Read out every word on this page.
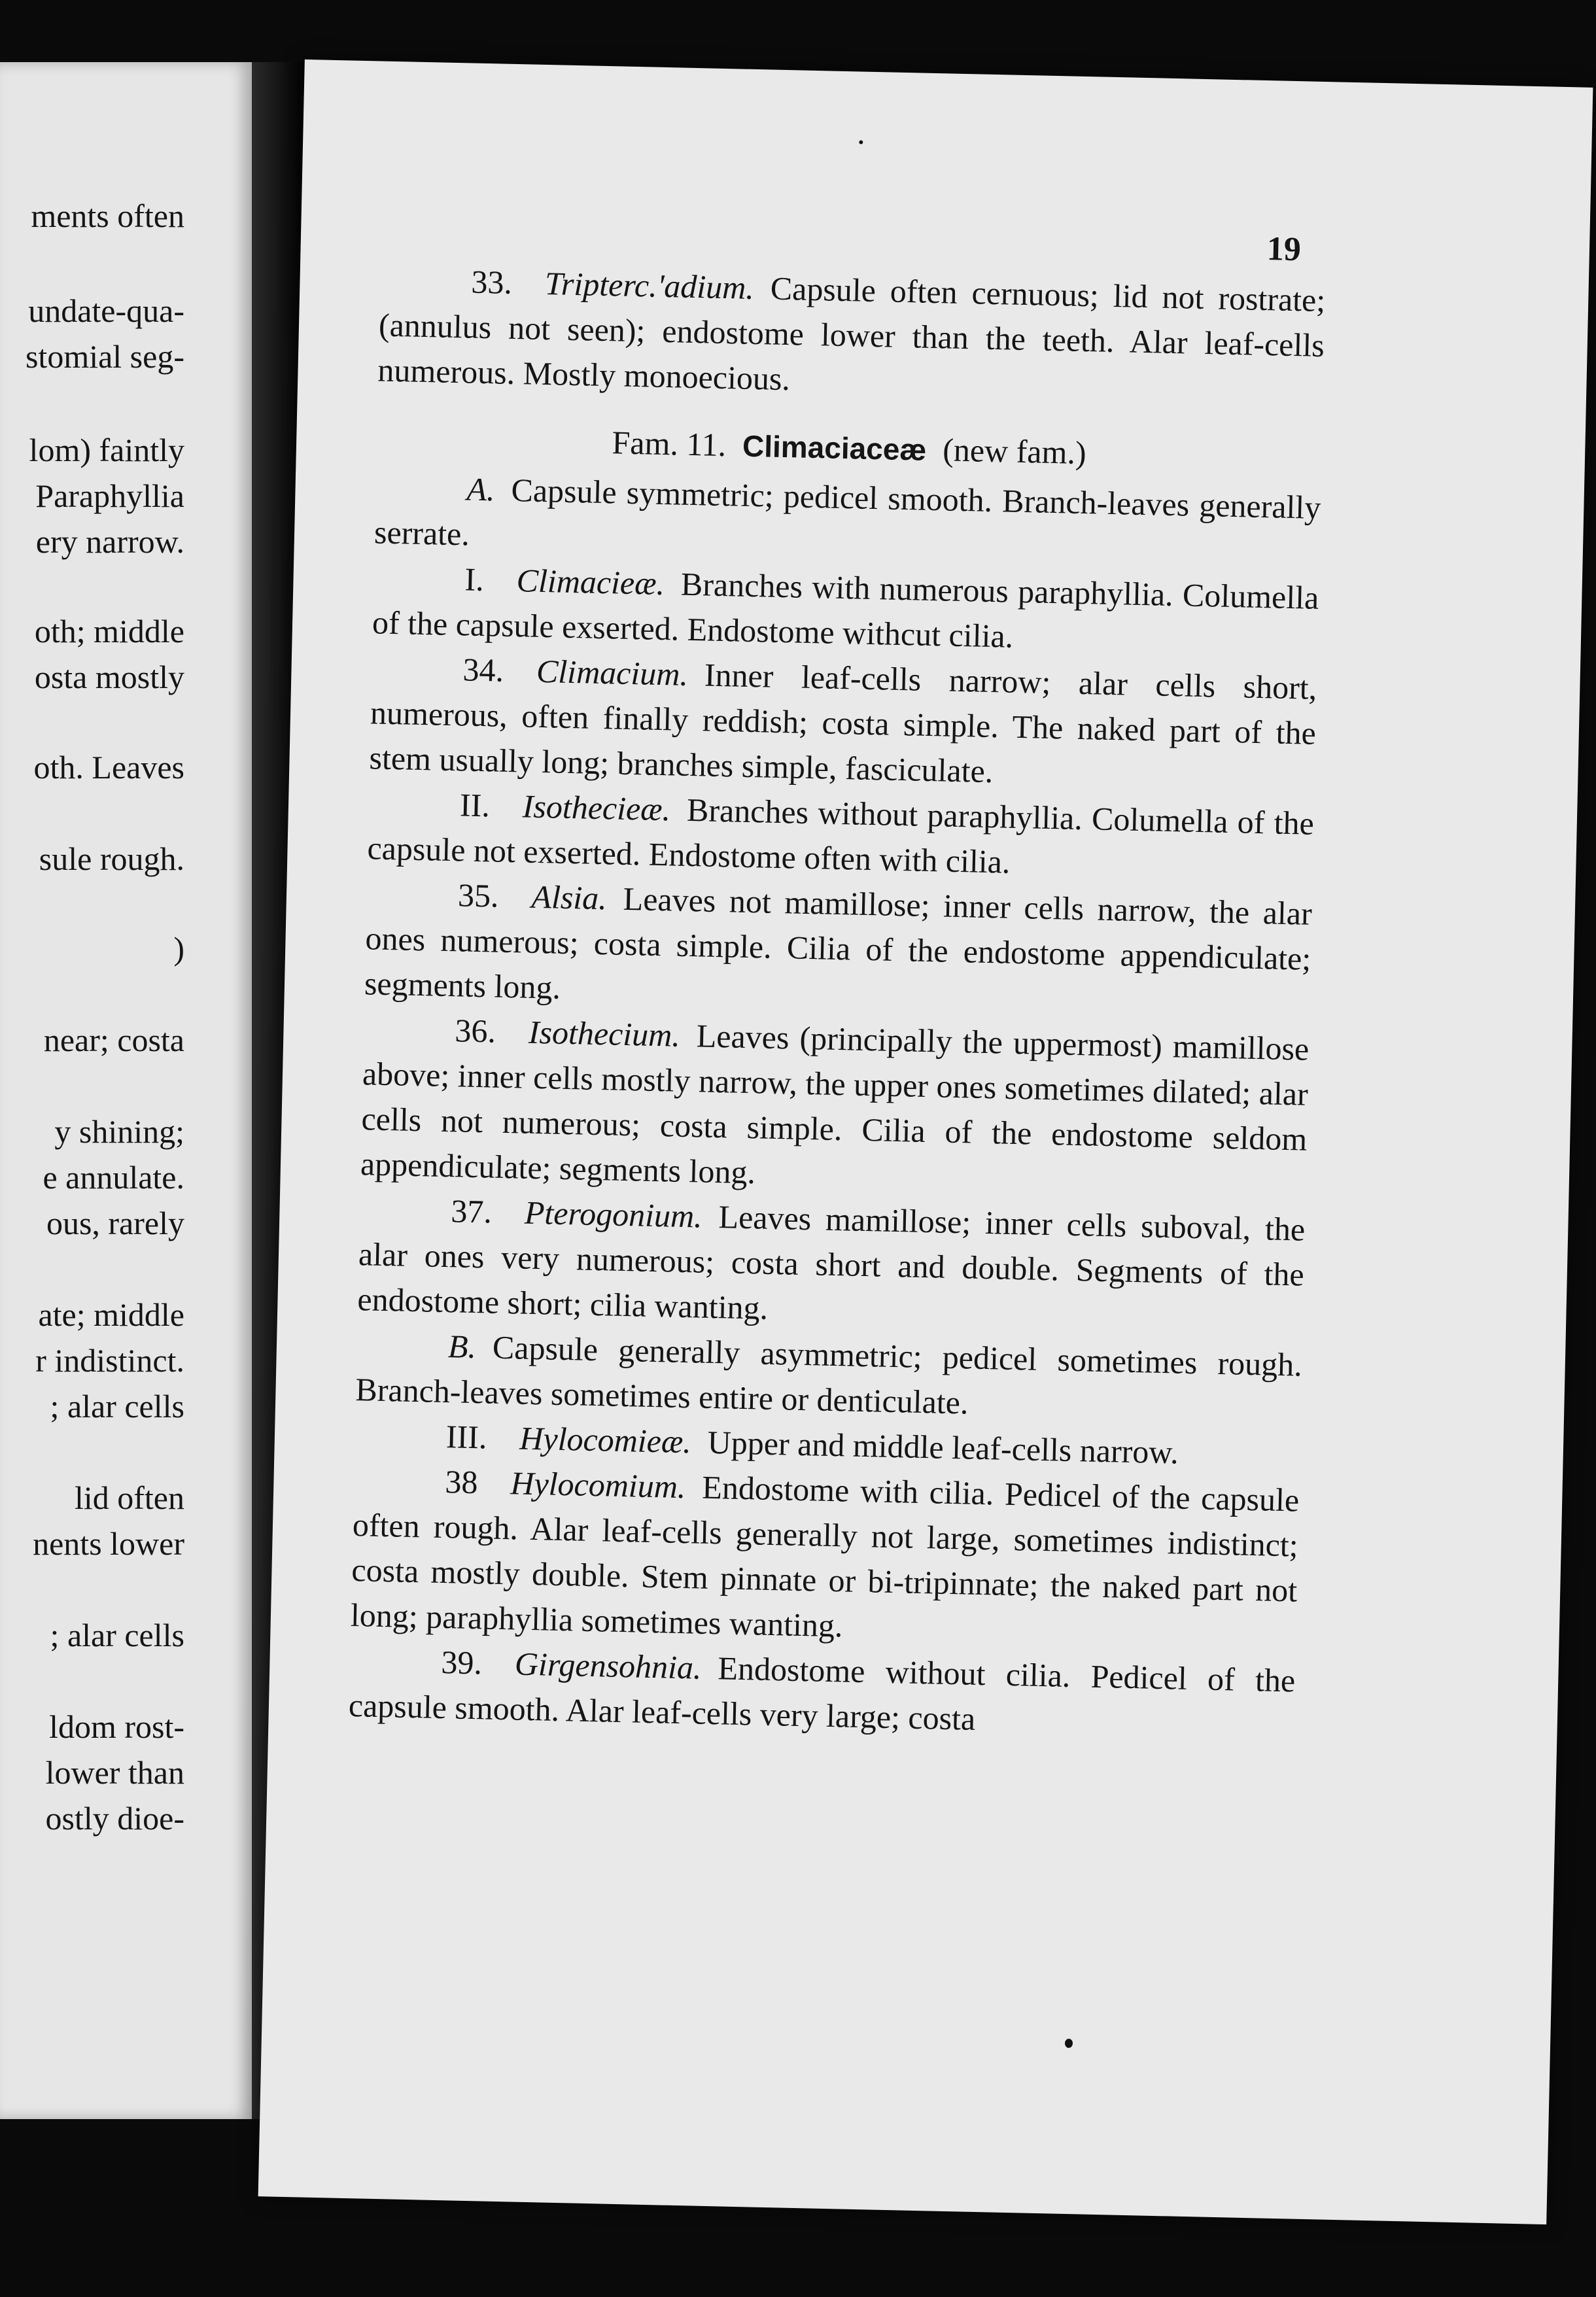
ments often
undate-qua-
stomial seg-
lom) faintly
Paraphyllia
ery narrow.
oth; middle
osta mostly
oth. Leaves
sule rough.
)
near; costa
y shining;
e annulate.
ous, rarely
ate; middle
r indistinct.
; alar cells
lid often
nents lower
; alar cells
ldom rost-
lower than
ostly dioe-
19

33.   Tripterc.'adium.  Capsule often cernuous; lid not rostrate; (annulus not seen); endostome lower than the teeth. Alar leaf-cells numerous. Mostly monoecious.

Fam. 11.  Climaciaceæ  (new fam.)

A.  Capsule symmetric; pedicel smooth. Branch-leaves generally serrate.

I.   Climacieæ.  Branches with numerous paraphyllia. Columella of the capsule exserted. Endostome withcut cilia.

34.   Climacium.  Inner leaf-cells narrow; alar cells short, numerous, often finally reddish; costa simple. The naked part of the stem usually long; branches simple, fasciculate.

II.   Isothecieæ.  Branches without paraphyllia. Columella of the capsule not exserted. Endostome often with cilia.

35.   Alsia.  Leaves not mamillose; inner cells narrow, the alar ones numerous; costa simple. Cilia of the endostome appendiculate; segments long.

36.   Isothecium.  Leaves (principally the uppermost) mamillose above; inner cells mostly narrow, the upper ones sometimes dilated; alar cells not numerous; costa simple. Cilia of the endostome seldom appendiculate; segments long.

37.   Pterogonium.  Leaves mamillose; inner cells suboval, the alar ones very numerous; costa short and double. Segments of the endostome short; cilia wanting.

B.  Capsule generally asymmetric; pedicel sometimes rough. Branch-leaves sometimes entire or denticulate.

III.   Hylocomieæ.  Upper and middle leaf-cells narrow.

38   Hylocomium.  Endostome with cilia. Pedicel of the capsule often rough. Alar leaf-cells generally not large, sometimes indistinct; costa mostly double. Stem pinnate or bi-tripinnate; the naked part not long; paraphyllia sometimes wanting.

39.   Girgensohnia.  Endostome without cilia. Pedicel of the capsule smooth. Alar leaf-cells very large; costa
